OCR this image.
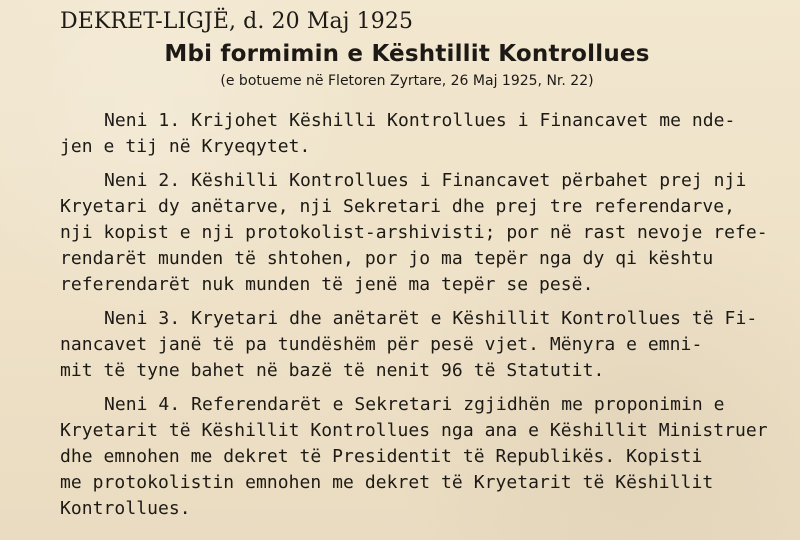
DEKRET-LIGJË, d. 20 Maj 1925
Mbi formimin e Kështillit Kontrollues
(e botueme në Fletoren Zyrtare, 26 Maj 1925, Nr. 22)
Neni 1. Krijohet Këshilli Kontrollues i Financavet me nde-
jen e tij në Kryeqytet.
Neni 2. Këshilli Kontrollues i Financavet përbahet prej nji
Kryetari dy anëtarve, nji Sekretari dhe prej tre referendarve,
nji kopist e nji protokolist-arshivisti; por në rast nevoje refe-
rendarët munden të shtohen, por jo ma tepër nga dy qi kështu
referendarët nuk munden të jenë ma tepër se pesë.
Neni 3. Kryetari dhe anëtarët e Këshillit Kontrollues të Fi-
nancavet janë të pa tundëshëm për pesë vjet. Mënyra e emni-
mit të tyne bahet në bazë të nenit 96 të Statutit.
Neni 4. Referendarët e Sekretari zgjidhën me proponimin e
Kryetarit të Këshillit Kontrollues nga ana e Këshillit Ministruer
dhe emnohen me dekret të Presidentit të Republikës. Kopisti
me protokolistin emnohen me dekret të Kryetarit të Këshillit
Kontrollues.
